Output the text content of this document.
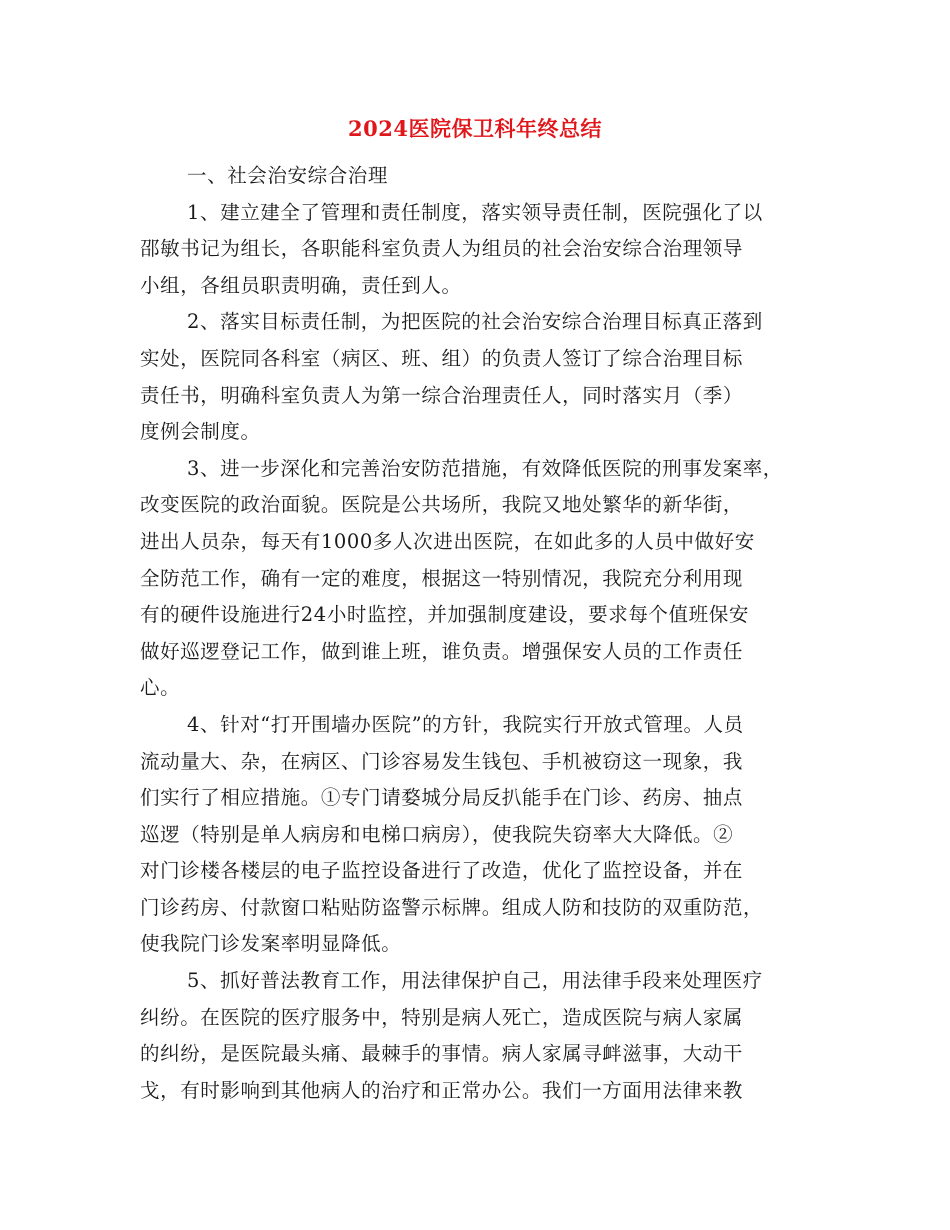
2024医院保卫科年终总结
一、社会治安综合治理
1、建立建全了管理和责任制度，落实领导责任制，医院强化了以
邵敏书记为组长，各职能科室负责人为组员的社会治安综合治理领导
小组，各组员职责明确，责任到人。
2、落实目标责任制，为把医院的社会治安综合治理目标真正落到
实处，医院同各科室（病区、班、组）的负责人签订了综合治理目标
责任书，明确科室负责人为第一综合治理责任人，同时落实月（季）
度例会制度。
3、进一步深化和完善治安防范措施，有效降低医院的刑事发案率，
改变医院的政治面貌。医院是公共场所，我院又地处繁华的新华街，
进出人员杂，每天有1000多人次进出医院，在如此多的人员中做好安
全防范工作，确有一定的难度，根据这一特别情况，我院充分利用现
有的硬件设施进行24小时监控，并加强制度建设，要求每个值班保安
做好巡逻登记工作，做到谁上班，谁负责。增强保安人员的工作责任
心。
4、针对“打开围墙办医院”的方针，我院实行开放式管理。人员
流动量大、杂，在病区、门诊容易发生钱包、手机被窃这一现象，我
们实行了相应措施。①专门请婺城分局反扒能手在门诊、药房、抽点
巡逻（特别是单人病房和电梯口病房），使我院失窃率大大降低。②
对门诊楼各楼层的电子监控设备进行了改造，优化了监控设备，并在
门诊药房、付款窗口粘贴防盗警示标牌。组成人防和技防的双重防范，
使我院门诊发案率明显降低。
5、抓好普法教育工作，用法律保护自己，用法律手段来处理医疗
纠纷。在医院的医疗服务中，特别是病人死亡，造成医院与病人家属
的纠纷，是医院最头痛、最棘手的事情。病人家属寻衅滋事，大动干
戈，有时影响到其他病人的治疗和正常办公。我们一方面用法律来教
